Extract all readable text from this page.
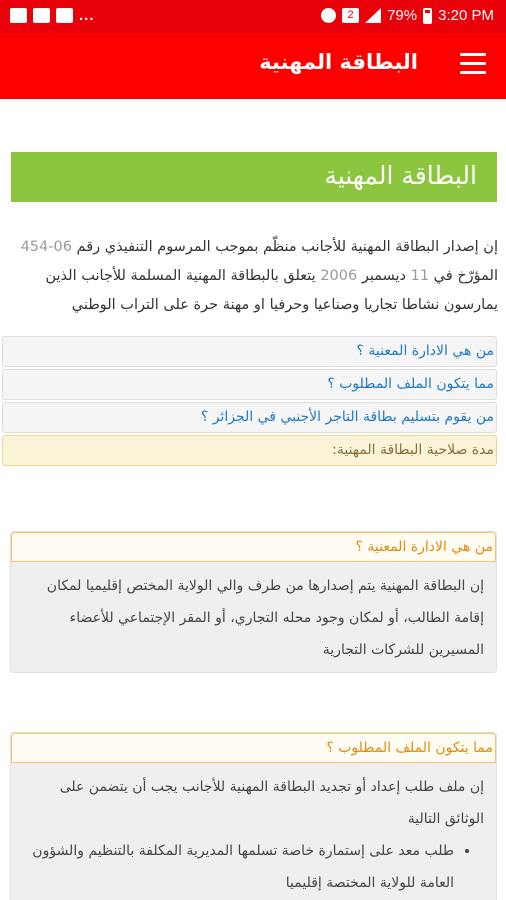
...	2	79% 3:20 PM
البطاقة المهنية
البطاقة المهنية
إن إصدار البطاقة المهنية للأجانب منظّم بموجب المرسوم التنفيذي رقم 06-454 المؤرّخ في 11 ديسمبر 2006 يتعلق بالبطاقة المهنية المسلمة للأجانب الذين يمارسون نشاطا تجاريا وصناعيا وحرفيا او مهنة حرة على التراب الوطني
من هي الادارة المعنية ؟
مما يتكون الملف المطلوب ؟
من يقوم بتسليم بطاقة التاجر الأجنبي في الجزائر ؟
مدة صلاحية البطاقة المهنية:
من هي الادارة المعنية ؟
إن البطاقة المهنية يتم إصدارها من طرف والي الولاية المختص إقليميا لمكان إقامة الطالب، أو لمكان وجود محله التجاري، أو المقر الإجتماعي للأعضاء المسيرين للشركات التجارية
مما يتكون الملف المطلوب ؟
إن ملف طلب إعداد أو تجديد البطاقة المهنية للأجانب يجب أن يتضمن على الوثائق التالية
• طلب معد على إستمارة خاصة تسلمها المديرية المكلفة بالتنظيم والشؤون العامة للولاية المختصة إقليميا
